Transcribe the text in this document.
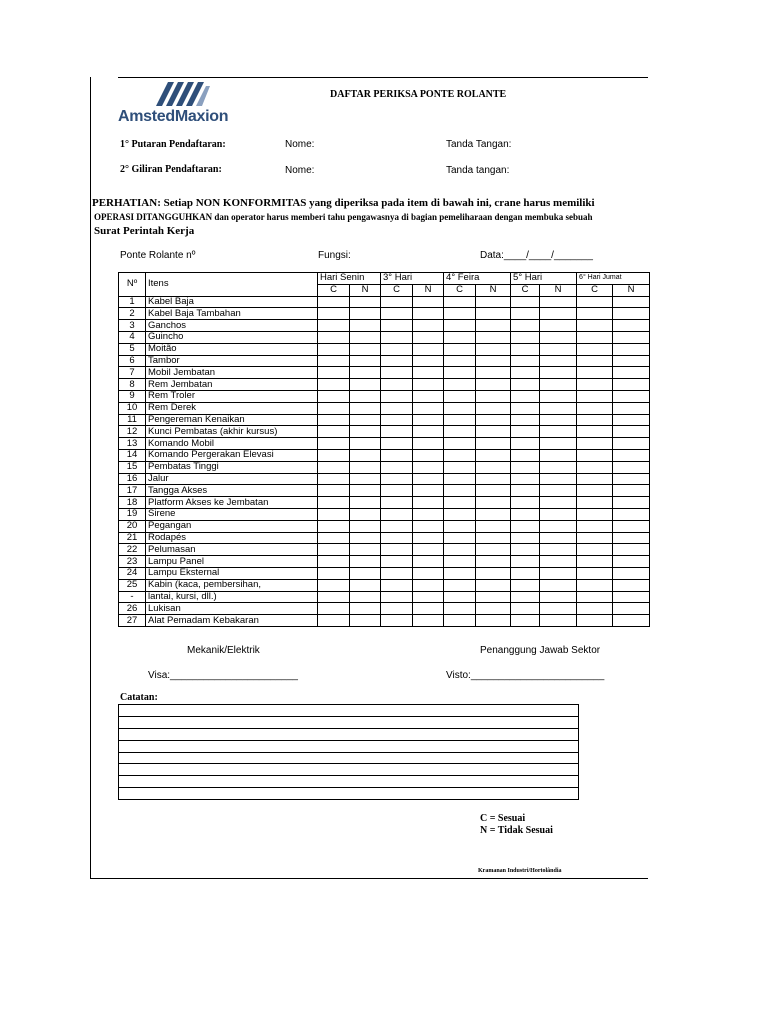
AmstedMaxion
DAFTAR PERIKSA PONTE ROLANTE
1° Putaran Pendaftaran:	Nome:	Tanda Tangan:
2° Giliran Pendaftaran:	Nome:	Tanda tangan:
PERHATIAN: Setiap NON KONFORMITAS yang diperiksa pada item di bawah ini, crane harus memiliki
OPERASI DITANGGUHKAN dan operator harus memberi tahu pengawasnya di bagian pemeliharaan dengan membuka sebuah
Surat Perintah Kerja
Ponte Rolante nº	Fungsi:	Data:____/____/_______
Nº	Itens	Hari Senin		3° Hari		4° Feira		5° Hari		6° Hari Jumat	
		C	N	C	N	C	N	C	N	C	N
1	Kabel Baja										
2	Kabel Baja Tambahan										
3	Ganchos										
4	Guincho										
5	Moitão										
6	Tambor										
7	Mobil Jembatan										
8	Rem Jembatan										
9	Rem Troler										
10	Rem Derek										
11	Pengereman Kenaikan										
12	Kunci Pembatas (akhir kursus)										
13	Komando Mobil										
14	Komando Pergerakan Elevasi										
15	Pembatas Tinggi										
16	Jalur										
17	Tangga Akses										
18	Platform Akses ke Jembatan										
19	Sirene										
20	Pegangan										
21	Rodapés										
22	Pelumasan										
23	Lampu Panel										
24	Lampu Eksternal										
25	Kabin (kaca, pembersihan,										
-	lantai, kursi, dll.)										
26	Lukisan										
27	Alat Pemadam Kebakaran										
Mekanik/Elektrik	Penanggung Jawab Sektor
Visa:_______________________	Visto:________________________
Catatan:

C = Sesuai
N = Tidak Sesuai
Kramanan Industri/Hortolândia
